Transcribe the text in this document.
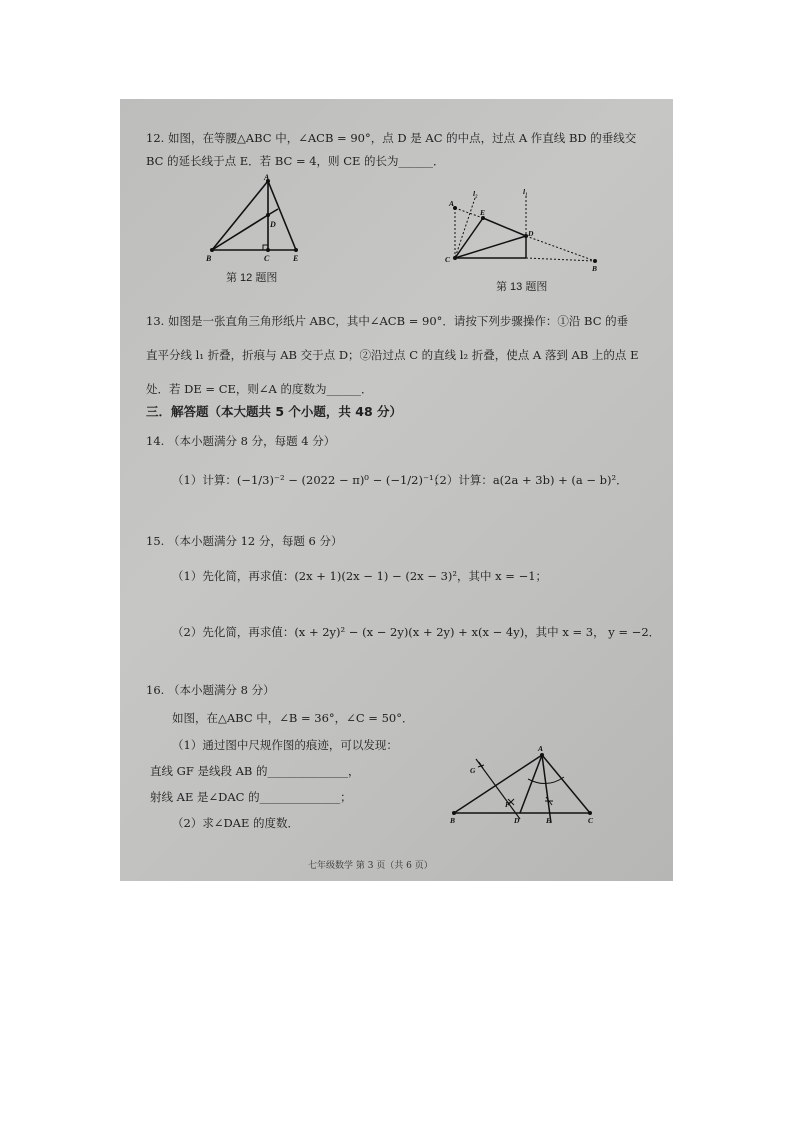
12. 如图，在等腰△ABC 中，∠ACB = 90°，点 D 是 AC 的中点，过点 A 作直线 BD 的垂线交
BC 的延长线于点 E．若 BC = 4，则 CE 的长为______．
A
B	C
D
E
第 12 题图
A
B
C
D
E
l₂	l₁
第 13 题图
13. 如图是一张直角三角形纸片 ABC，其中∠ACB = 90°．请按下列步骤操作：①沿 BC 的垂
直平分线 l₁ 折叠，折痕与 AB 交于点 D；②沿过点 C 的直线 l₂ 折叠，使点 A 落到 AB 上的点 E
处．若 DE = CE，则∠A 的度数为______．
三．解答题（本大题共 5 个小题，共 48 分）
14. （本小题满分 8 分，每题 4 分）
（1）计算：(−1/3)⁻² − (2022 − π)⁰ − (−1/2)⁻¹；
（2）计算：a(2a + 3b) + (a − b)²．
15. （本小题满分 12 分，每题 6 分）
（1）先化简，再求值：(2x + 1)(2x − 1) − (2x − 3)²，其中 x = −1；
（2）先化简，再求值：(x + 2y)² − (x − 2y)(x + 2y) + x(x − 4y)，其中 x = 3， y = −2．
16. （本小题满分 8 分）
如图，在△ABC 中，∠B = 36°，∠C = 50°．
（1）通过图中尺规作图的痕迹，可以发现：
直线 GF 是线段 AB 的______________，
射线 AE 是∠DAC 的______________；
（2）求∠DAE 的度数．
A
B	C
D	E
F
G
七年级数学 第 3 页（共 6 页）
